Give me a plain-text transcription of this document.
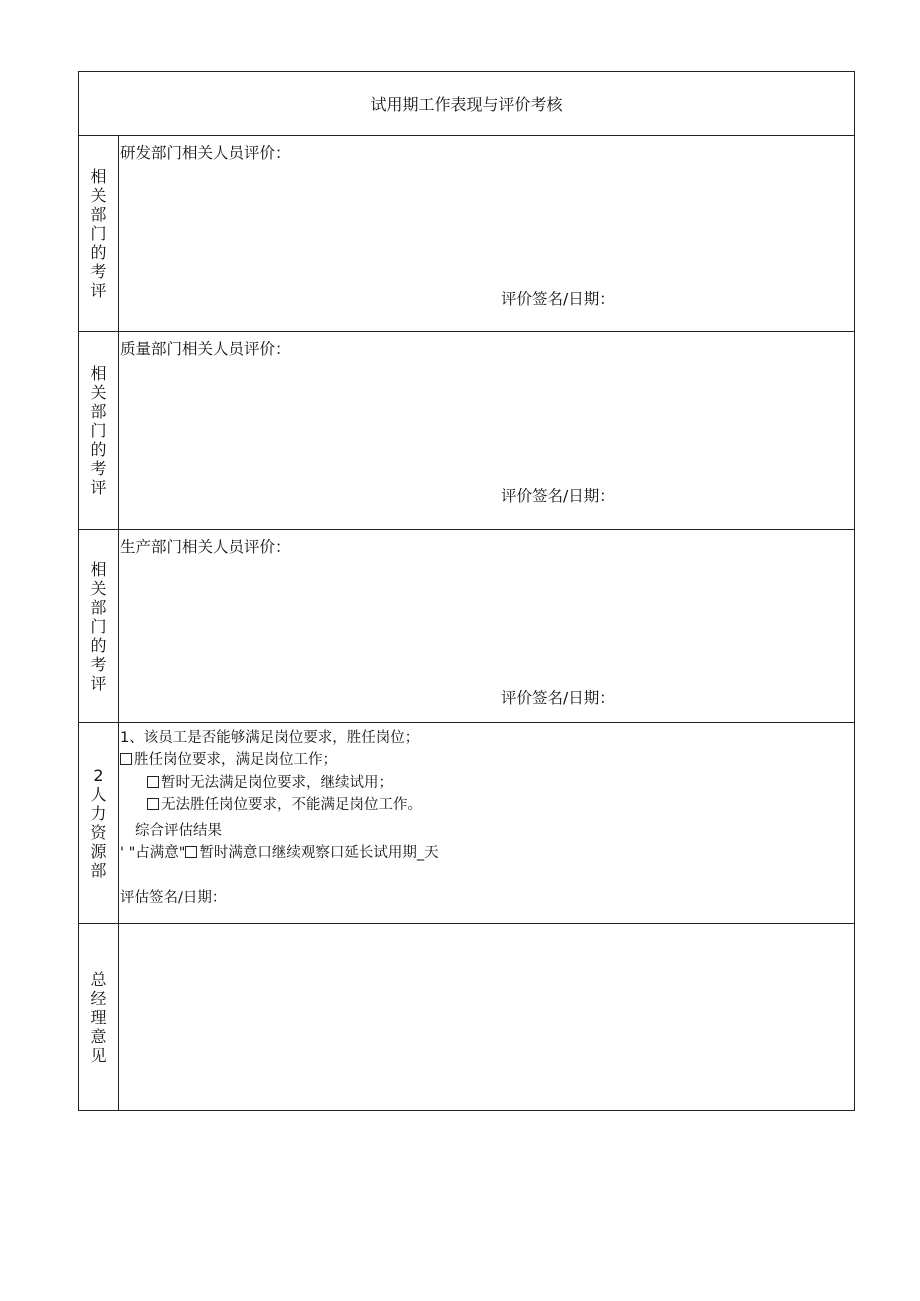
试用期工作表现与评价考核
相
关
部
门
的
考
评
研发部门相关人员评价：
评价签名/日期：
相
关
部
门
的
考
评
质量部门相关人员评价：
评价签名/日期：
相
关
部
门
的
考
评
生产部门相关人员评价：
评价签名/日期：
2
人
力
资
源
部
1、该员工是否能够满足岗位要求，胜任岗位；
胜任岗位要求，满足岗位工作；
暂时无法满足岗位要求，继续试用；
无法胜任岗位要求，不能满足岗位工作。
综合评估结果
' "占满意" 暂时满意口继续观察口延长试用期_天
评估签名/日期：
总
经
理
意
见
